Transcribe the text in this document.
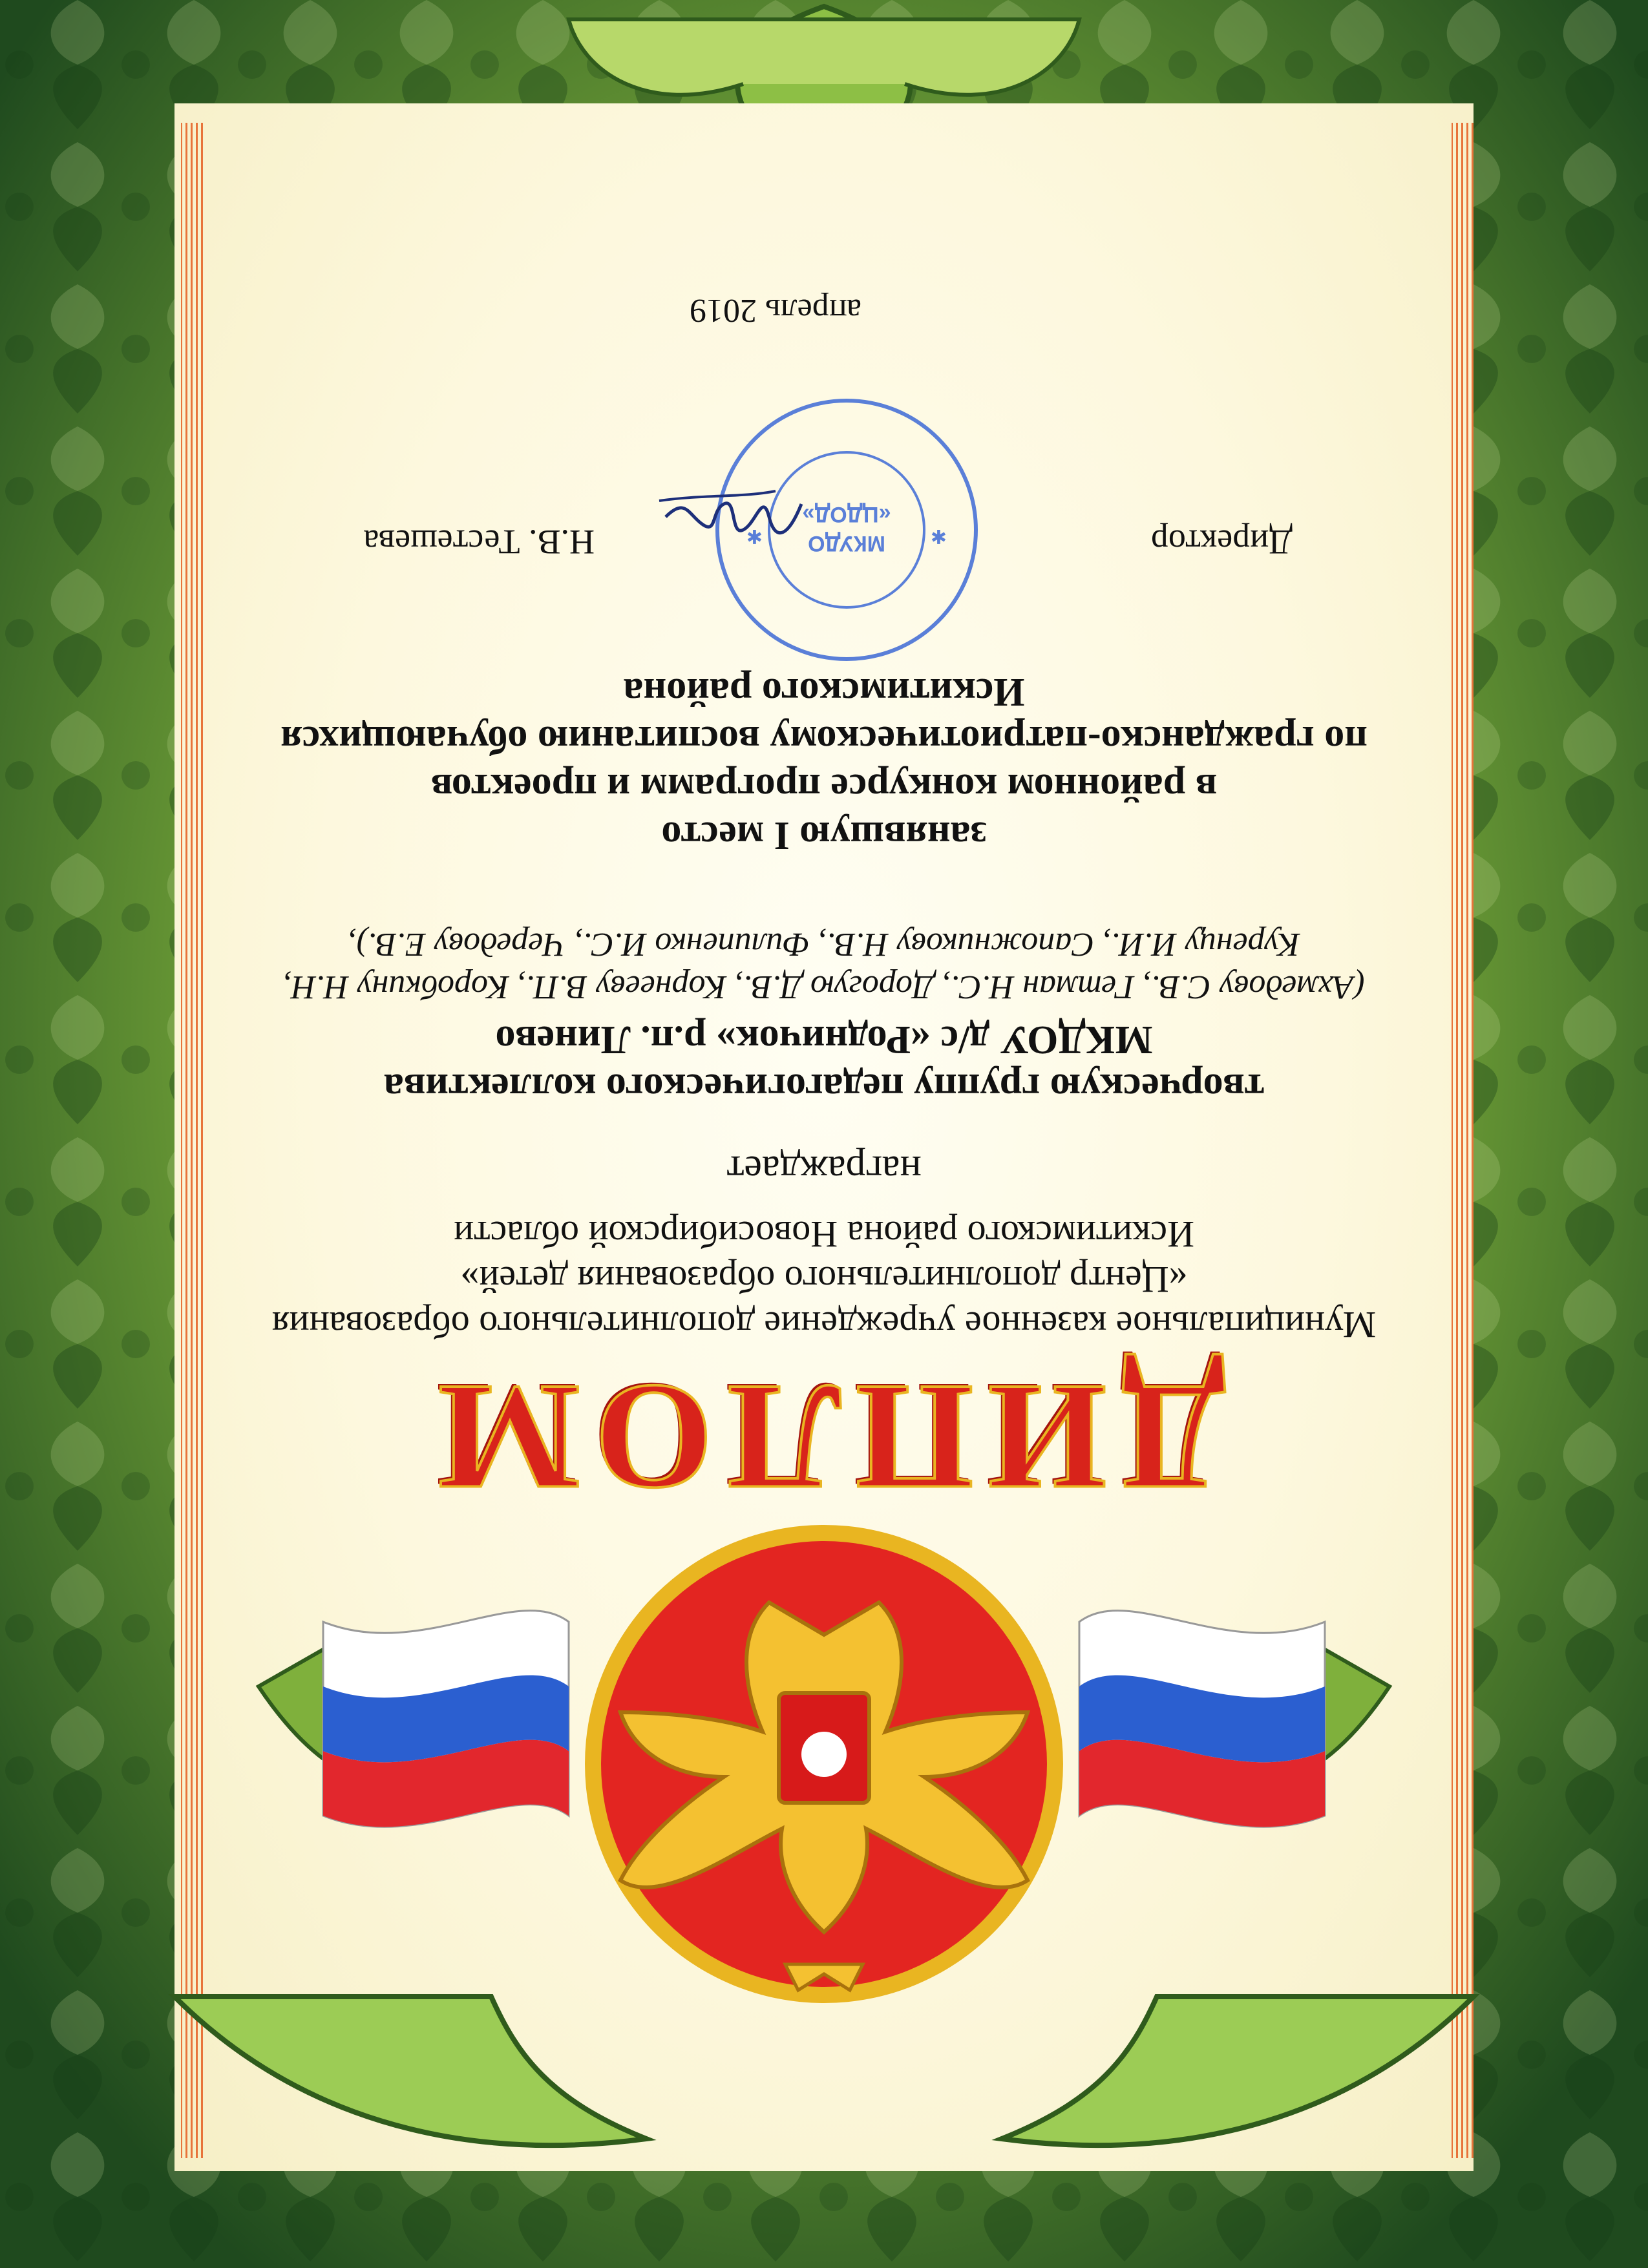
ДИПЛОМ
Муниципальное казенное учреждение дополнительного образования
«Центр дополнительного образования детей»
Искитимского района Новосибирской области
награждает
творческую группу педагогического коллектива
МКДОУ д/с «Родничок» р.п. Линево
(Ахмедову С.В., Гетман Н.С., Дорогую Д.В., Корнееву В.П., Коробкину Н.Н,
Куренцу И.И., Сапожникову Н.В., Филипенко И.С., Чередову Е.В.),
занявшую I место
в районном конкурсе программ и проектов
по гражданско-патриотическому воспитанию обучающихся
Искитимского района
Директор
Н.В. Тестешева	МКУДО
«ЦДОД»
✱
✱
апрель 2019
